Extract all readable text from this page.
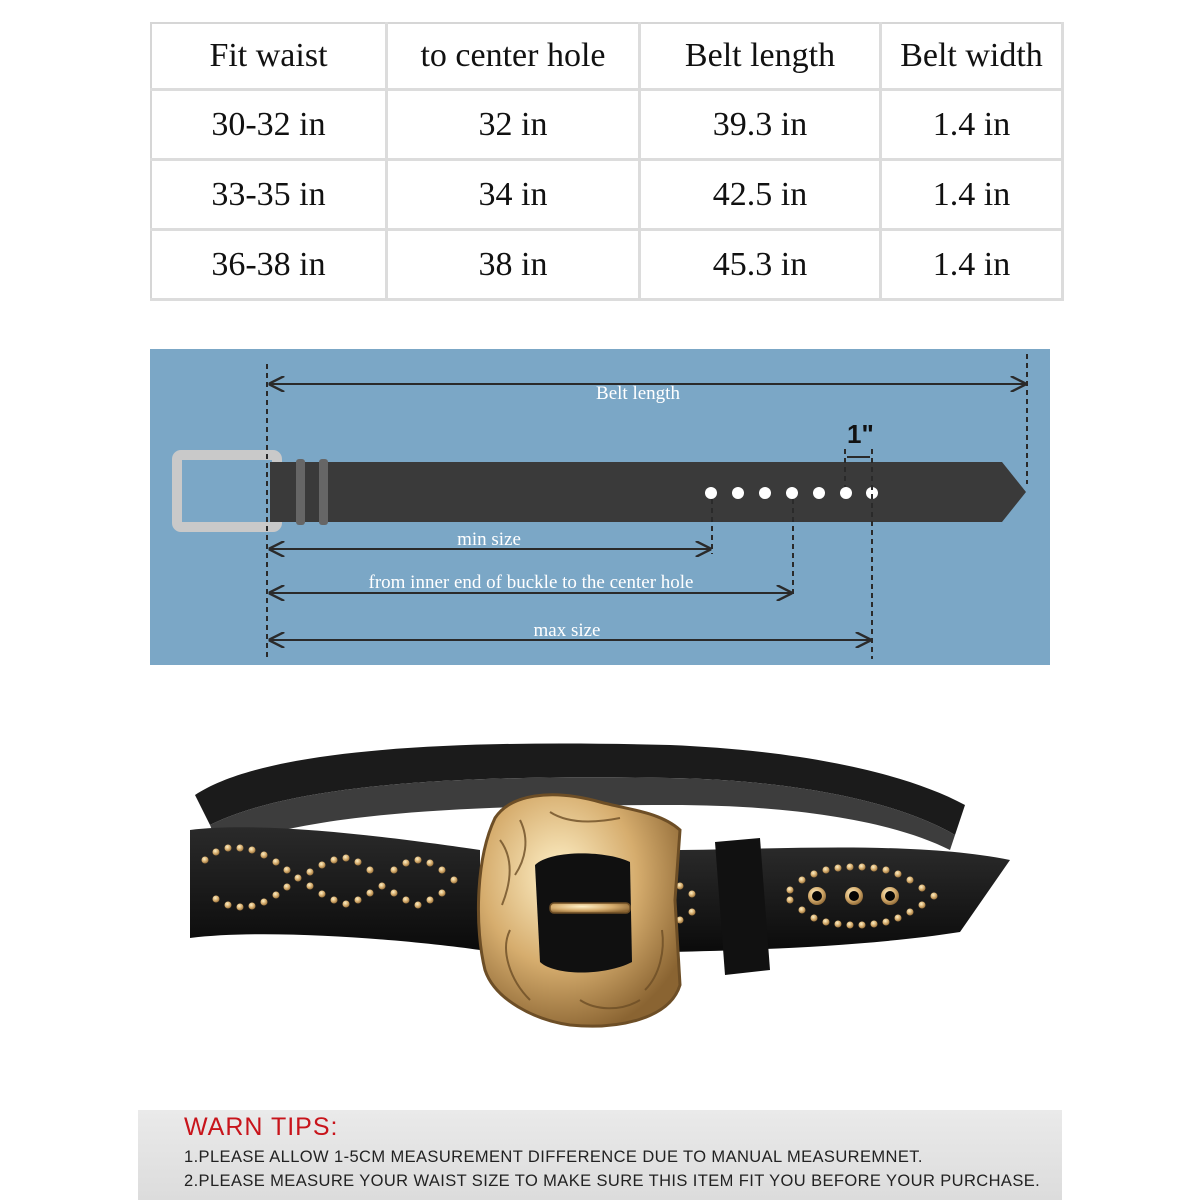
Fit waist	to center hole	Belt length	Belt width
30-32 in	32 in	39.3 in	1.4 in
33-35 in	34 in	42.5 in	1.4 in
36-38 in	38 in	45.3 in	1.4 in
Belt length
1"
min size
from inner end of buckle to the center hole
max size
WARN TIPS:
1.PLEASE ALLOW 1-5CM MEASUREMENT DIFFERENCE DUE TO MANUAL MEASUREMNET.
2.PLEASE MEASURE YOUR WAIST SIZE TO MAKE SURE THIS ITEM FIT YOU BEFORE YOUR PURCHASE.
